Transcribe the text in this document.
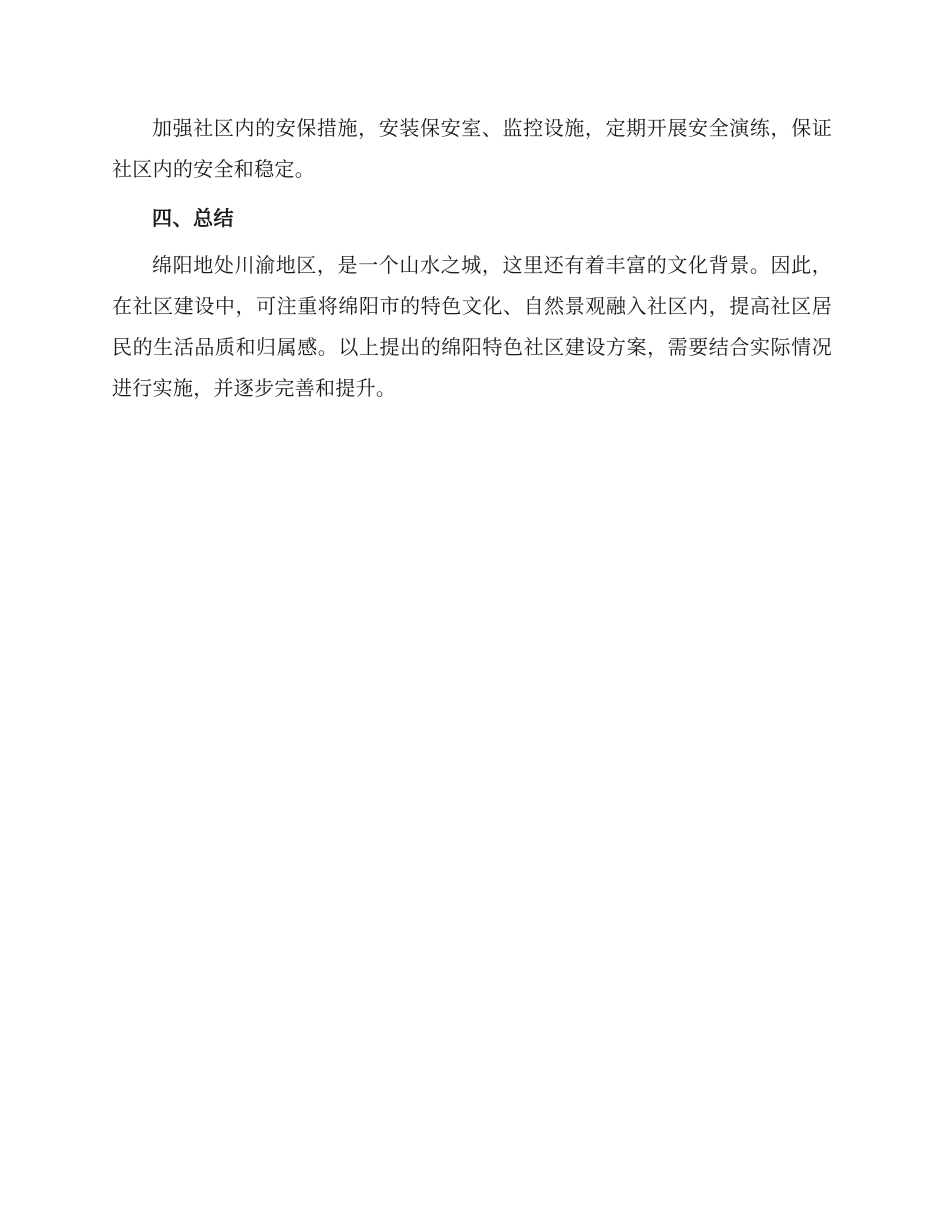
加强社区内的安保措施，安装保安室、监控设施，定期开展安全演练，保证社区内的安全和稳定。

四、总结

绵阳地处川渝地区，是一个山水之城，这里还有着丰富的文化背景。因此，在社区建设中，可注重将绵阳市的特色文化、自然景观融入社区内，提高社区居民的生活品质和归属感。以上提出的绵阳特色社区建设方案，需要结合实际情况进行实施，并逐步完善和提升。
